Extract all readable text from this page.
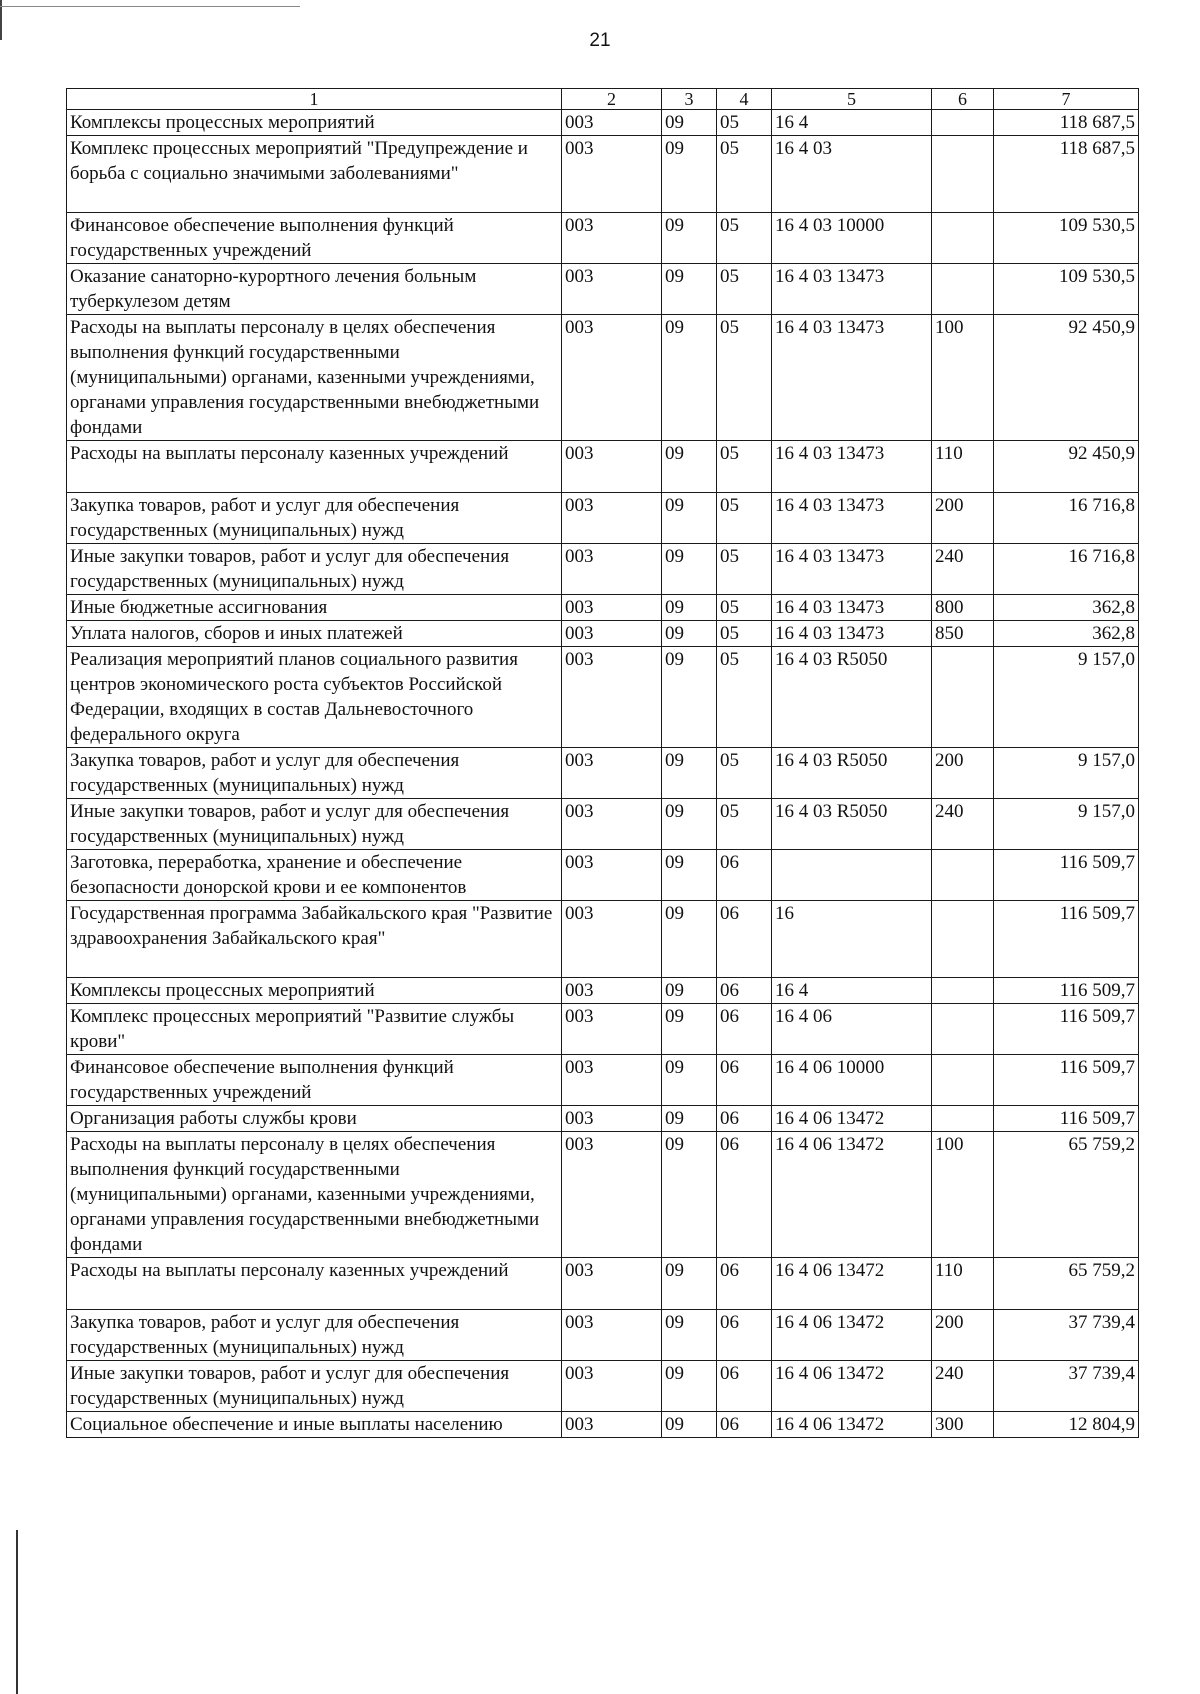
21
1	2	3	4	5	6	7
Комплексы процессных мероприятий	003	09	05	16 4		118 687,5
Комплекс процессных мероприятий "Предупреждение и борьба с социально значимыми заболеваниями"	003	09	05	16 4 03		118 687,5
Финансовое обеспечение выполнения функций государственных учреждений	003	09	05	16 4 03 10000		109 530,5
Оказание санаторно-курортного лечения больным туберкулезом детям	003	09	05	16 4 03 13473		109 530,5
Расходы на выплаты персоналу в целях обеспечения выполнения функций государственными (муниципальными) органами, казенными учреждениями, органами управления государственными внебюджетными фондами	003	09	05	16 4 03 13473	100	92 450,9
Расходы на выплаты персоналу казенных учреждений	003	09	05	16 4 03 13473	110	92 450,9
Закупка товаров, работ и услуг для обеспечения государственных (муниципальных) нужд	003	09	05	16 4 03 13473	200	16 716,8
Иные закупки товаров, работ и услуг для обеспечения государственных (муниципальных) нужд	003	09	05	16 4 03 13473	240	16 716,8
Иные бюджетные ассигнования	003	09	05	16 4 03 13473	800	362,8
Уплата налогов, сборов и иных платежей	003	09	05	16 4 03 13473	850	362,8
Реализация мероприятий планов социального развития центров экономического роста субъектов Российской Федерации, входящих в состав Дальневосточного федерального округа	003	09	05	16 4 03 R5050		9 157,0
Закупка товаров, работ и услуг для обеспечения государственных (муниципальных) нужд	003	09	05	16 4 03 R5050	200	9 157,0
Иные закупки товаров, работ и услуг для обеспечения государственных (муниципальных) нужд	003	09	05	16 4 03 R5050	240	9 157,0
Заготовка, переработка, хранение и обеспечение безопасности донорской крови и ее компонентов	003	09	06			116 509,7
Государственная программа Забайкальского края "Развитие здравоохранения Забайкальского края"	003	09	06	16		116 509,7
Комплексы процессных мероприятий	003	09	06	16 4		116 509,7
Комплекс процессных мероприятий "Развитие службы крови"	003	09	06	16 4 06		116 509,7
Финансовое обеспечение выполнения функций государственных учреждений	003	09	06	16 4 06 10000		116 509,7
Организация работы службы крови	003	09	06	16 4 06 13472		116 509,7
Расходы на выплаты персоналу в целях обеспечения выполнения функций государственными (муниципальными) органами, казенными учреждениями, органами управления государственными внебюджетными фондами	003	09	06	16 4 06 13472	100	65 759,2
Расходы на выплаты персоналу казенных учреждений	003	09	06	16 4 06 13472	110	65 759,2
Закупка товаров, работ и услуг для обеспечения государственных (муниципальных) нужд	003	09	06	16 4 06 13472	200	37 739,4
Иные закупки товаров, работ и услуг для обеспечения государственных (муниципальных) нужд	003	09	06	16 4 06 13472	240	37 739,4
Социальное обеспечение и иные выплаты населению	003	09	06	16 4 06 13472	300	12 804,9
